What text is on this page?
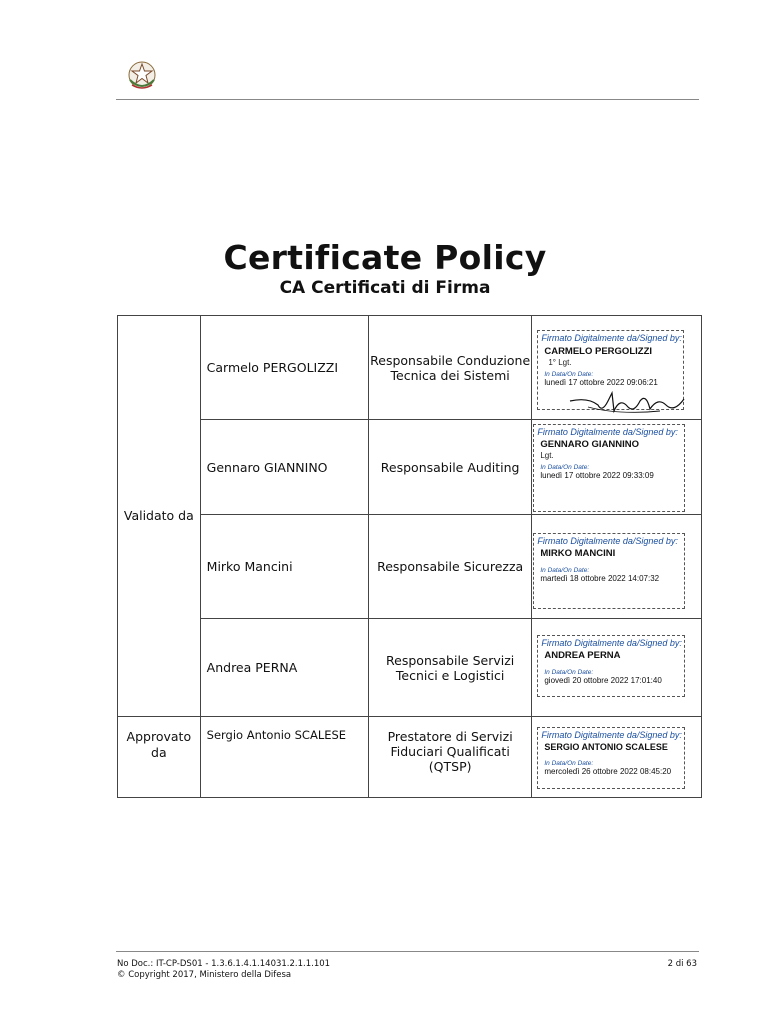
Certificate Policy
CA Certificati di Firma
Validato da	Carmelo PERGOLIZZI	Responsabile Conduzione Tecnica dei Sistemi	Firmato Digitalmente da/Signed by:
CARMELO PERGOLIZZI
1° Lgt.
In Data/On Date:
lunedì 17 ottobre 2022 09:06:21

	Gennaro GIANNINO	Responsabile Auditing	Firmato Digitalmente da/Signed by:
GENNARO GIANNINO
Lgt.
In Data/On Date:
lunedì 17 ottobre 2022 09:33:09

	Mirko Mancini	Responsabile Sicurezza	Firmato Digitalmente da/Signed by:
MIRKO MANCINI
In Data/On Date:
martedì 18 ottobre 2022 14:07:32

	Andrea PERNA	Responsabile Servizi Tecnici e Logistici	Firmato Digitalmente da/Signed by:
ANDREA PERNA
In Data/On Date:
giovedì 20 ottobre 2022 17:01:40

Approvato da	Sergio Antonio SCALESE	Prestatore di Servizi Fiduciari Qualificati (QTSP)	Firmato Digitalmente da/Signed by:
SERGIO ANTONIO SCALESE
In Data/On Date:
mercoledì 26 ottobre 2022 08:45:20
No Doc.: IT-CP-DS01 - 1.3.6.1.4.1.14031.2.1.1.101
© Copyright 2017, Ministero della Difesa
2 di 63
